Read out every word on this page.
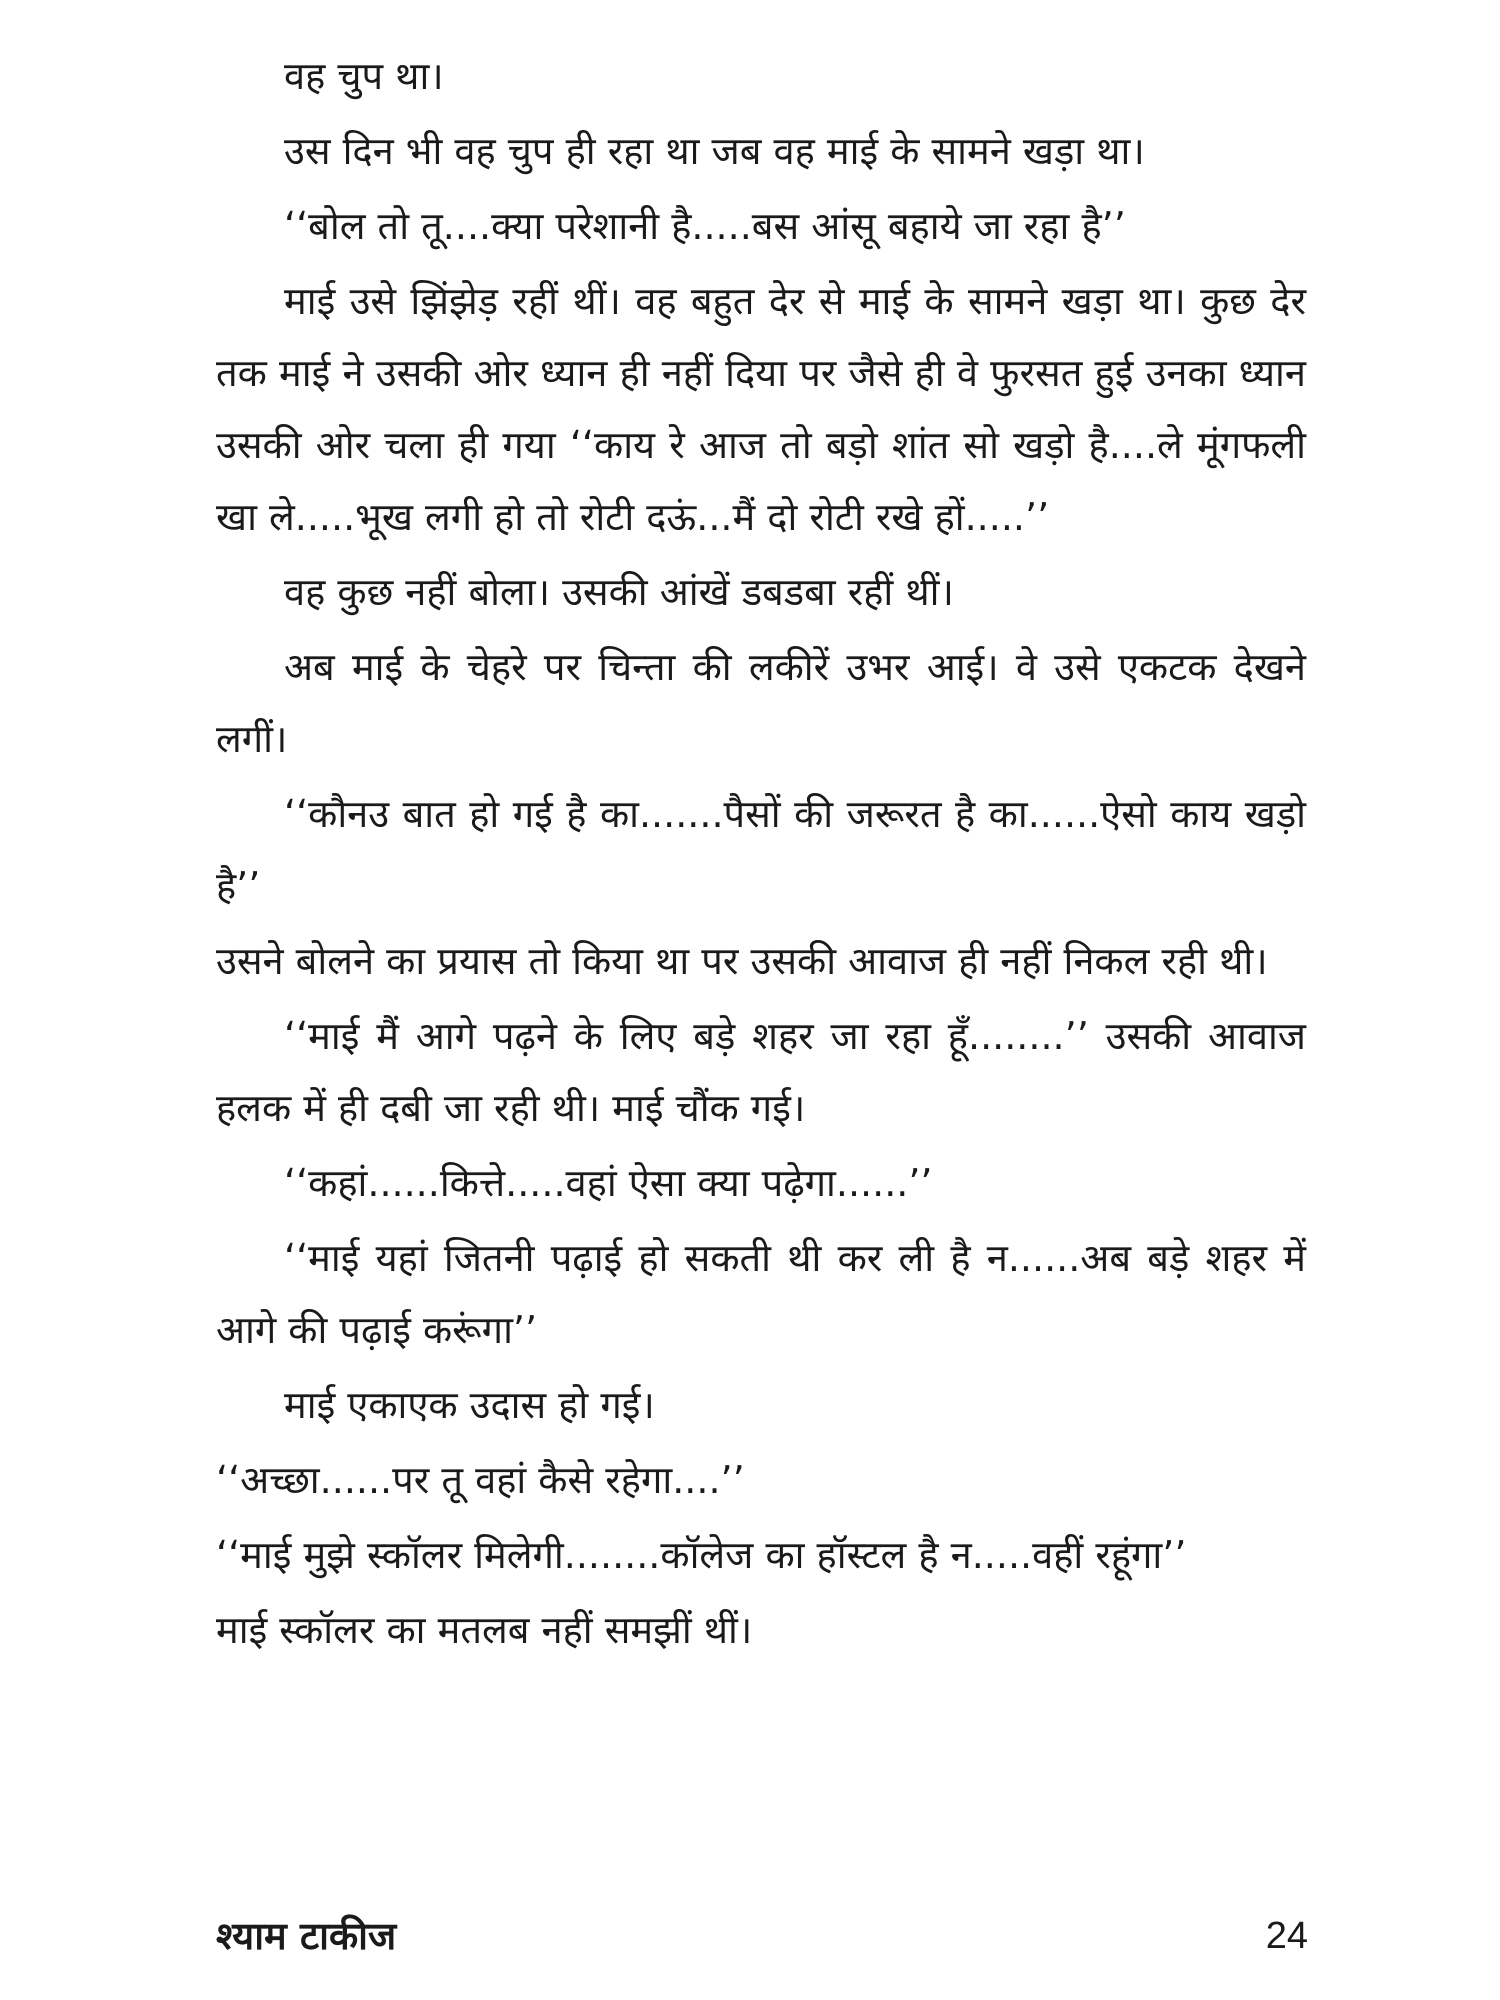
वह चुप था।

उस दिन भी वह चुप ही रहा था जब वह माई के सामने खड़ा था।

‘‘बोल तो तू....क्या परेशानी है.....बस आंसू बहाये जा रहा है’’

माई उसे झिंझेड़ रहीं थीं। वह बहुत देर से माई के सामने खड़ा था। कुछ देर तक माई ने उसकी ओर ध्यान ही नहीं दिया पर जैसे ही वे फुरसत हुई उनका ध्यान उसकी ओर चला ही गया ‘‘काय रे आज तो बड़ो शांत सो खड़ो है....ले मूंगफली खा ले.....भूख लगी हो तो रोटी दऊं...मैं दो रोटी रखे हों.....’’

वह कुछ नहीं बोला। उसकी आंखें डबडबा रहीं थीं।

अब माई के चेहरे पर चिन्ता की लकीरें उभर आई। वे उसे एकटक देखने लगीं।

‘‘कौनउ बात हो गई है का.......पैसों की जरूरत है का......ऐसो काय खड़ो है’’

उसने बोलने का प्रयास तो किया था पर उसकी आवाज ही नहीं निकल रही थी।

‘‘माई मैं आगे पढ़ने के लिए बड़े शहर जा रहा हूँ........’’ उसकी आवाज हलक में ही दबी जा रही थी। माई चौंक गई।

‘‘कहां......कित्ते.....वहां ऐसा क्या पढ़ेगा......’’

‘‘माई यहां जितनी पढ़ाई हो सकती थी कर ली है न......अब बड़े शहर में आगे की पढ़ाई करूंगा’’

माई एकाएक उदास हो गई।

‘‘अच्छा......पर तू वहां कैसे रहेगा....’’

‘‘माई मुझे स्कॉलर मिलेगी........कॉलेज का हॉस्टल है न.....वहीं रहूंगा’’

माई स्कॉलर का मतलब नहीं समझीं थीं।

श्याम टाकीज	24
